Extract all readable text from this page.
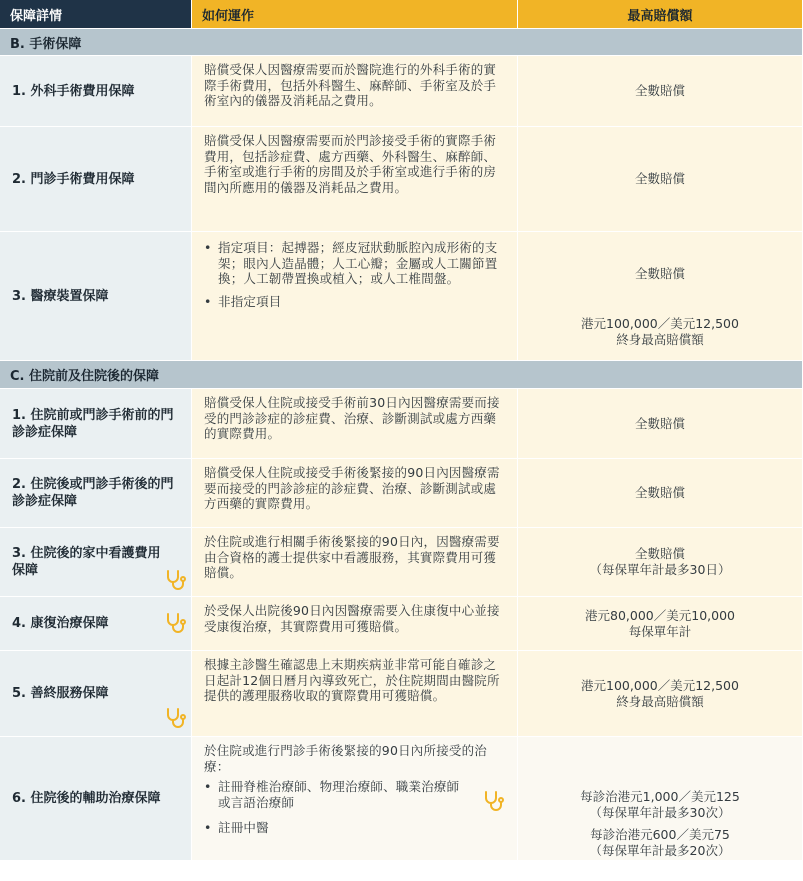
保障詳情	如何運作	最高賠償額
B. 手術保障
1. 外科手術費用保障
賠償受保人因醫療需要而於醫院進行的外科手術的實際手術費用，包括外科醫生、麻醉師、手術室及於手術室內的儀器及消耗品之費用。
全數賠償
2. 門診手術費用保障
賠償受保人因醫療需要而於門診接受手術的實際手術費用，包括診症費、處方西藥、外科醫生、麻醉師、手術室或進行手術的房間及於手術室或進行手術的房間內所應用的儀器及消耗品之費用。
全數賠償
3. 醫療裝置保障
• 指定項目：起搏器；經皮冠狀動脈腔內成形術的支架；眼內人造晶體；人工心瓣；金屬或人工關節置換；人工韌帶置換或植入；或人工椎間盤。
• 非指定項目
全數賠償
港元100,000／美元12,500
終身最高賠償額
C. 住院前及住院後的保障
1. 住院前或門診手術前的門診診症保障
賠償受保人住院或接受手術前30日內因醫療需要而接受的門診診症的診症費、治療、診斷測試或處方西藥的實際費用。
全數賠償
2. 住院後或門診手術後的門診診症保障
賠償受保人住院或接受手術後緊接的90日內因醫療需要而接受的門診診症的診症費、治療、診斷測試或處方西藥的實際費用。
全數賠償
3. 住院後的家中看護費用保障
於住院或進行相關手術後緊接的90日內，因醫療需要由合資格的護士提供家中看護服務，其實際費用可獲賠償。
全數賠償
（每保單年計最多30日）
4. 康復治療保障
於受保人出院後90日內因醫療需要入住康復中心並接受康復治療，其實際費用可獲賠償。
港元80,000／美元10,000
每保單年計
5. 善終服務保障
根據主診醫生確認患上末期疾病並非常可能自確診之日起計12個日曆月內導致死亡，於住院期間由醫院所提供的護理服務收取的實際費用可獲賠償。
港元100,000／美元12,500
終身最高賠償額
6. 住院後的輔助治療保障
於住院或進行門診手術後緊接的90日內所接受的治療：
• 註冊脊椎治療師、物理治療師、職業治療師或言語治療師
• 註冊中醫
每診治港元1,000／美元125
（每保單年計最多30次）
每診治港元600／美元75
（每保單年計最多20次）
